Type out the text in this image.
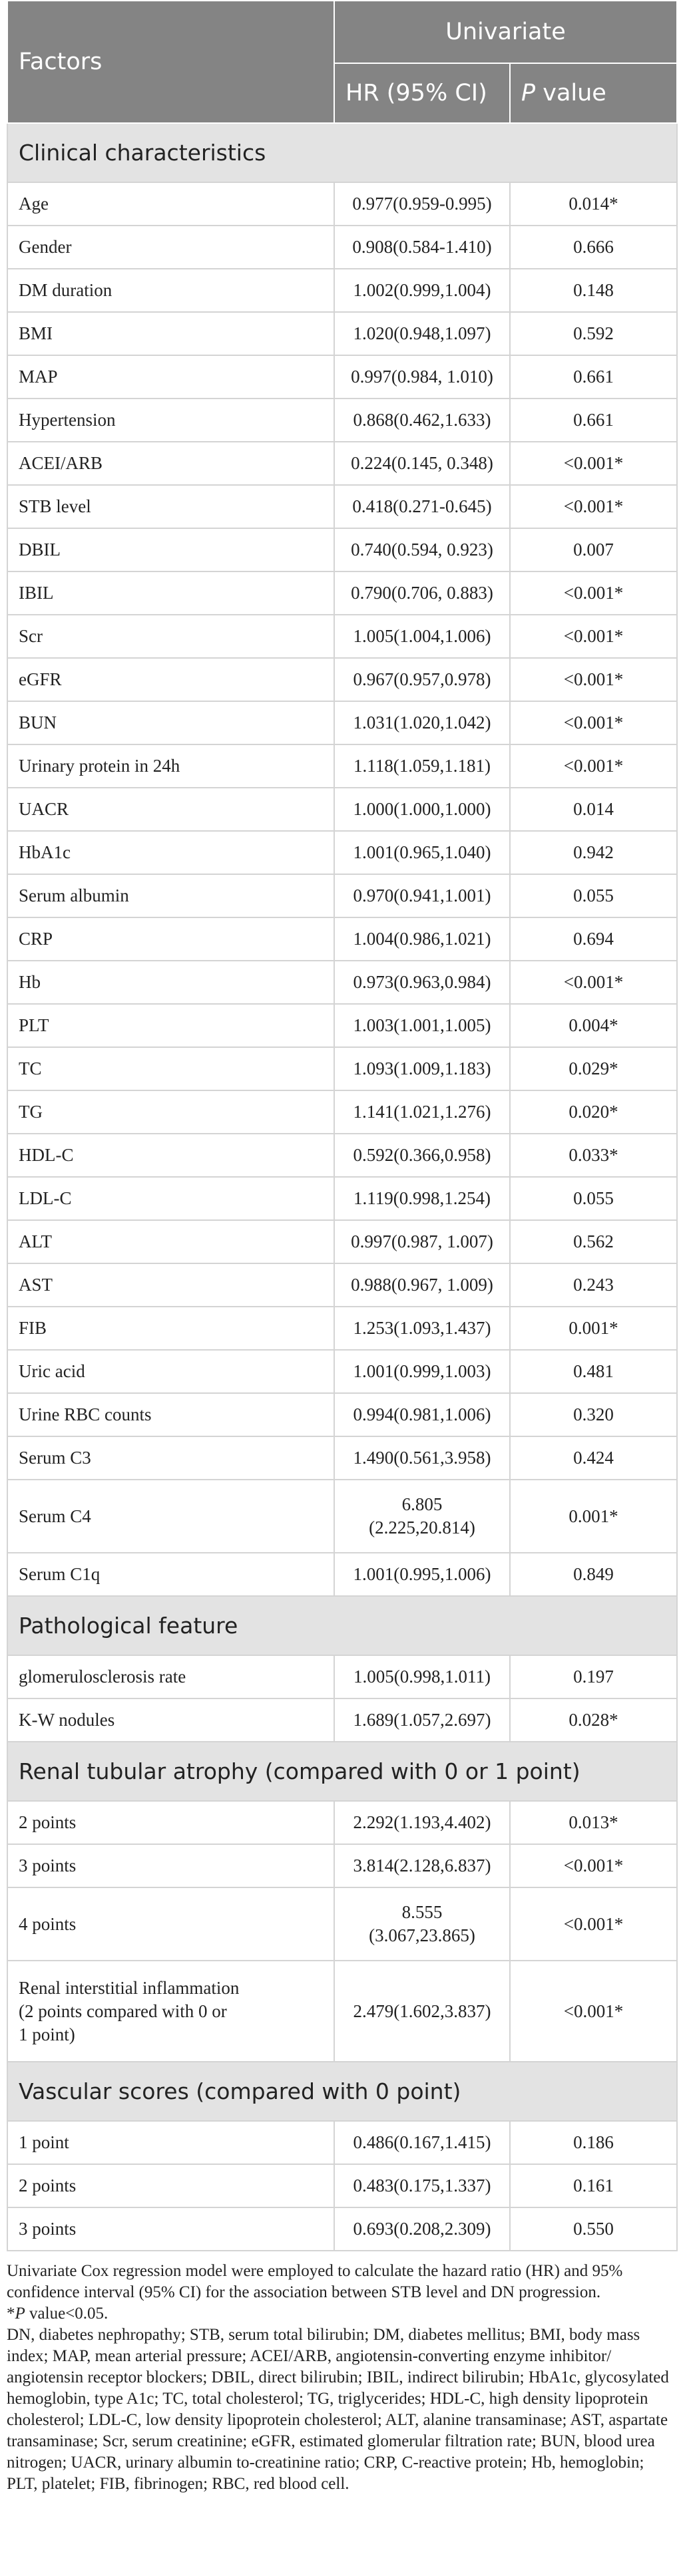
Factors	Univariate	
	HR (95% CI)	P value
Clinical characteristics		

Age	0.977(0.959-0.995)	0.014*

Gender	0.908(0.584-1.410)	0.666

DM duration	1.002(0.999,1.004)	0.148

BMI	1.020(0.948,1.097)	0.592

MAP	0.997(0.984, 1.010)	0.661

Hypertension	0.868(0.462,1.633)	0.661

ACEI/ARB	0.224(0.145, 0.348)	<0.001*

STB level	0.418(0.271-0.645)	<0.001*

DBIL	0.740(0.594, 0.923)	0.007

IBIL	0.790(0.706, 0.883)	<0.001*

Scr	1.005(1.004,1.006)	<0.001*

eGFR	0.967(0.957,0.978)	<0.001*

BUN	1.031(1.020,1.042)	<0.001*

Urinary protein in 24h	1.118(1.059,1.181)	<0.001*

UACR	1.000(1.000,1.000)	0.014

HbA1c	1.001(0.965,1.040)	0.942

Serum albumin	0.970(0.941,1.001)	0.055

CRP	1.004(0.986,1.021)	0.694

Hb	0.973(0.963,0.984)	<0.001*

PLT	1.003(1.001,1.005)	0.004*

TC	1.093(1.009,1.183)	0.029*

TG	1.141(1.021,1.276)	0.020*

HDL-C	0.592(0.366,0.958)	0.033*

LDL-C	1.119(0.998,1.254)	0.055

ALT	0.997(0.987, 1.007)	0.562

AST	0.988(0.967, 1.009)	0.243

FIB	1.253(1.093,1.437)	0.001*

Uric acid	1.001(0.999,1.003)	0.481

Urine RBC counts	0.994(0.981,1.006)	0.320

Serum C3	1.490(0.561,3.958)	0.424

Serum C4	6.805
(2.225,20.814)	0.001*

Serum C1q	1.001(0.995,1.006)	0.849
Pathological feature		

glomerulosclerosis rate	1.005(0.998,1.011)	0.197

K-W nodules	1.689(1.057,2.697)	0.028*
Renal tubular atrophy (compared with 0 or 1 point)		

2 points	2.292(1.193,4.402)	0.013*

3 points	3.814(2.128,6.837)	<0.001*

4 points	8.555
(3.067,23.865)	<0.001*

Renal interstitial inflammation
(2 points compared with 0 or
1 point)	2.479(1.602,3.837)	<0.001*
Vascular scores (compared with 0 point)		

1 point	0.486(0.167,1.415)	0.186

2 points	0.483(0.175,1.337)	0.161

3 points	0.693(0.208,2.309)	0.550

Univariate Cox regression model were employed to calculate the hazard ratio (HR) and 95% confidence interval (95% CI) for the association between STB level and DN progression.

*P value<0.05.

DN, diabetes nephropathy; STB, serum total bilirubin; DM, diabetes mellitus; BMI, body mass index; MAP, mean arterial pressure; ACEI/ARB, angiotensin-converting enzyme inhibitor/ angiotensin receptor blockers; DBIL, direct bilirubin; IBIL, indirect bilirubin; HbA1c, glycosylated hemoglobin, type A1c; TC, total cholesterol; TG, triglycerides; HDL-C, high density lipoprotein cholesterol; LDL-C, low density lipoprotein cholesterol; ALT, alanine transaminase; AST, aspartate transaminase; Scr, serum creatinine; eGFR, estimated glomerular filtration rate; BUN, blood urea nitrogen; UACR, urinary albumin to-creatinine ratio; CRP, C-reactive protein; Hb, hemoglobin; PLT, platelet; FIB, fibrinogen; RBC, red blood cell.
